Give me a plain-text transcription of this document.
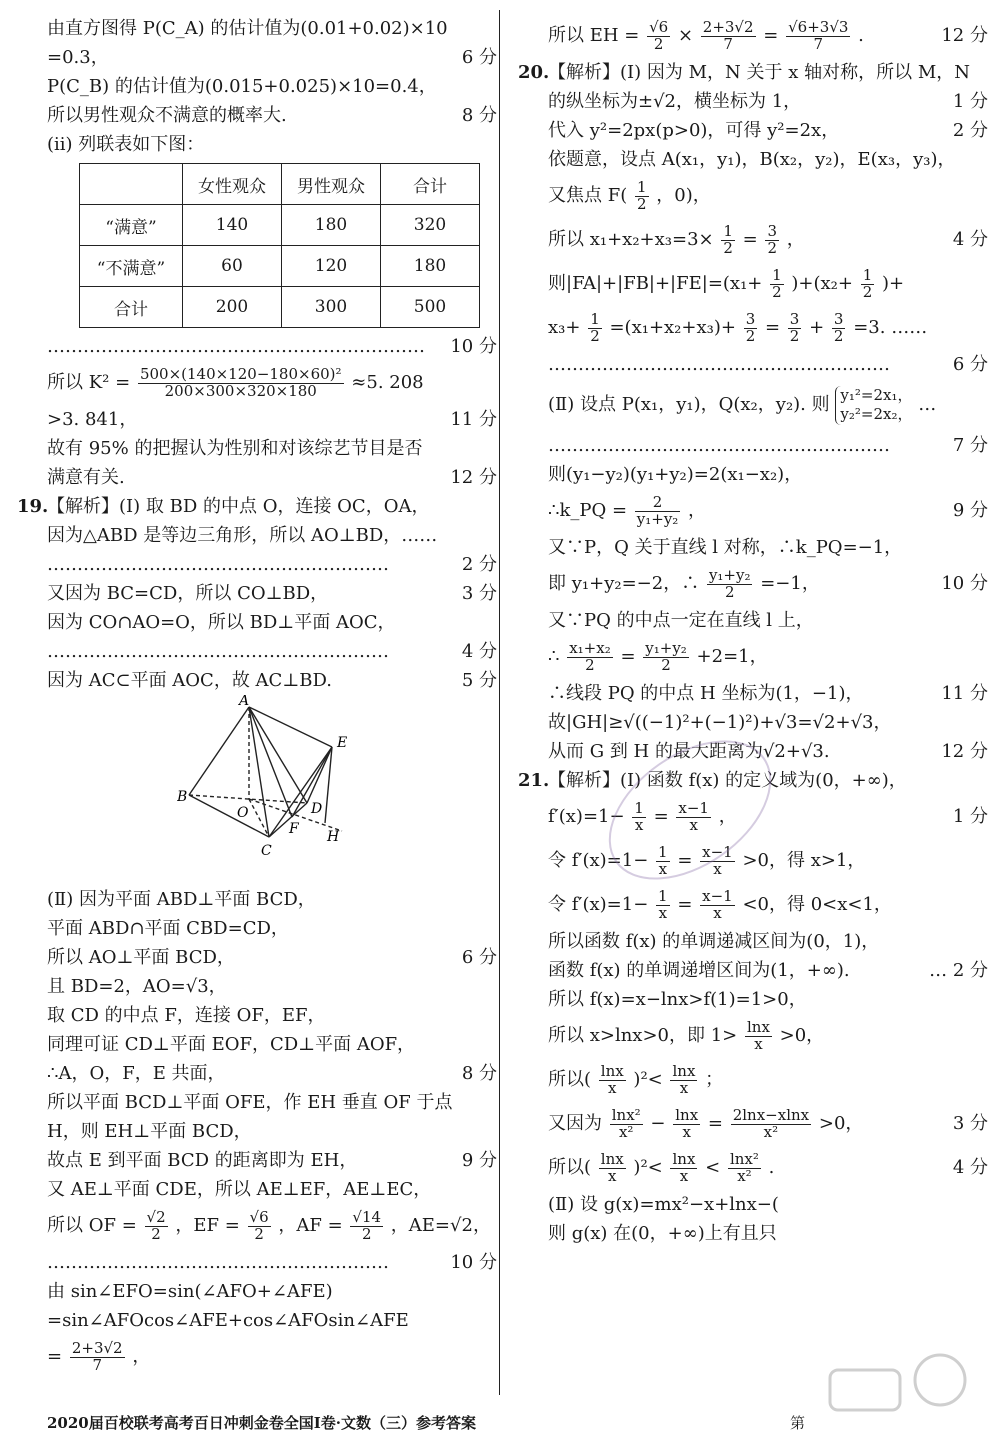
由直方图得 P(C_A) 的估计值为(0.01+0.02)×10
=0.3，	6 分
P(C_B) 的估计值为(0.015+0.025)×10=0.4，
所以男性观众不满意的概率大.	8 分
(ⅱ) 列联表如下图：
	女性观众	男性观众	合计
“满意”	140	180	320
“不满意”	60	120	180
合计	200	300	500
……………………………………………………… 10 分
所以 $K^2 = \frac{\text{500×(140×120−180×60)²}}{200\times 300\times 320\times 180} \approx 5$. 208
>3. 841，	11 分
故有 95% 的把握认为性别和对该综艺节目是否
满意有关.	12 分
19.
【解析】(Ⅰ) 取 BD 的中点 O，连接 OC，OA，
因为△ABD 是等边三角形，所以 AO⊥BD，……
…………………………………………………	2 分
又因为 BC=CD，所以 CO⊥BD，	3 分
因为 CO∩AO=O，所以 BD⊥平面 AOC，
…………………………………………………	4 分
因为 AC⊂平面 AOC，故 AC⊥BD.	5 分
A
B
C
D
E
F H
O
(Ⅱ) 因为平面 ABD⊥平面 BCD，
平面 ABD∩平面 CBD=CD，
所以 AO⊥平面 BCD，	6 分
且 BD=2，AO=√3，
取 CD 的中点 F，连接 OF，EF，
同理可证 CD⊥平面 EOF，CD⊥平面 AOF，
∴A，O，F，E 共面，	8 分
所以平面 BCD⊥平面 OFE，作 EH 垂直 OF 于点
H，则 EH⊥平面 BCD，
故点 E 到平面 BCD 的距离即为 EH，	9 分
又 AE⊥平面 CDE，所以 AE⊥EF，AE⊥EC，
所以 OF = $\frac{√2}{2}$ ，EF = $\frac{√6}{2}$ ，AF = $\frac{√14}{2}$ ，AE=√2，
…………………………………………………	10 分
由 sin∠EFO=sin(∠AFO+∠AFE)
=sin∠AFOcos∠AFE+cos∠AFOsin∠AFE
= $\frac{2+3√2}{7}$ ，
所以 EH = $\frac{√6}{2} \times \frac{2+3√2}{7} = \frac{√6+3√3}{7}$ .	12 分
20.
【解析】(Ⅰ) 因为 M，N 关于 x 轴对称，所以 M，N
的纵坐标为±√2，横坐标为 1，	1 分
代入 y²=2px(p>0)，可得 y²=2x，	2 分
依题意，设点 A(x₁，y₁)，B(x₂，y₂)，E(x₃，y₃)，
又焦点 $F( \frac{1}{2}$ ，0)，
所以 $x_1+x_2+x_3=3\times \frac{1}{2} = \frac{3}{2}$ ，	4 分
则$|FA|+|FB|+|FE|=(x_1+ \frac{1}{2} )+(x_2+ \frac{1}{2}$ )+
$x_3+ \frac{1}{2} =(x_1+x_2+x_3)+ \frac{3}{2} = \frac{3}{2} + \frac{3}{2} =3$. ……
…………………………………………………	6 分
(Ⅱ) 设点 P(x₁，y₁)，Q(x₂，y₂). 则 y₁²=2x₁，
y₂²=2x₂， …
…………………………………………………	7 分
则(y₁−y₂)(y₁+y₂)=2(x₁−x₂)，
∴k_PQ = $\frac{2}{\text{y₁+y₂}}$ ，	9 分
又∵P，Q 关于直线 l 对称，∴k_PQ=−1，
即 y₁+y₂=−2，∴ $\frac{\text{y₁+y₂}}{2} =-1$，	10 分
又∵PQ 的中点一定在直线 l 上，
∴ $\frac{\text{x₁+x₂}}{2} = \frac{\text{y₁+y₂}}{2} +2=1$，
∴线段 PQ 的中点 H 坐标为(1，−1)，	11 分
故|GH|≥√((−1)²+(−1)²)+√3=√2+√3，
从而 G 到 H 的最大距离为√2+√3.	12 分
21.
【解析】(Ⅰ) 函数 f(x) 的定义域为(0，+∞)，
$f'(x)=1- \frac{1}{x} = \frac{x-1}{x}$ ，	1 分
令 $f'(x)=1- \frac{1}{x} = \frac{x-1}{x} >0$，得 x>1，
令 $f'(x)=1- \frac{1}{x} = \frac{x-1}{x} <0$，得 0<x<1，
所以函数 f(x) 的单调递减区间为(0，1)，
函数 f(x) 的单调递增区间为(1，+∞).	… 2 分
所以 f(x)=x−lnx>f(1)=1>0，
所以 x>lnx>0，即 $1> \frac{\ln x}{x} >0$，
所以( $\frac{\ln x}{x} )^2< \frac{\ln x}{x}$ ；
又因为 $\frac{\text{lnx²}}{\text{x²}} - \frac{\ln x}{x} = \frac{2\ln x-xlnx}{\text{x²}} >0$，	3 分
所以( $\frac{\ln x}{x} )^2< \frac{\ln x}{x} < \frac{\text{lnx²}}{\text{x²}}$ .	4 分
(Ⅱ) 设 g(x)=mx²−x+lnx−(
则 g(x) 在(0，+∞)上有且只
2020届百校联考高考百日冲刺金卷全国Ⅰ卷·文数（三）参考答案	第
